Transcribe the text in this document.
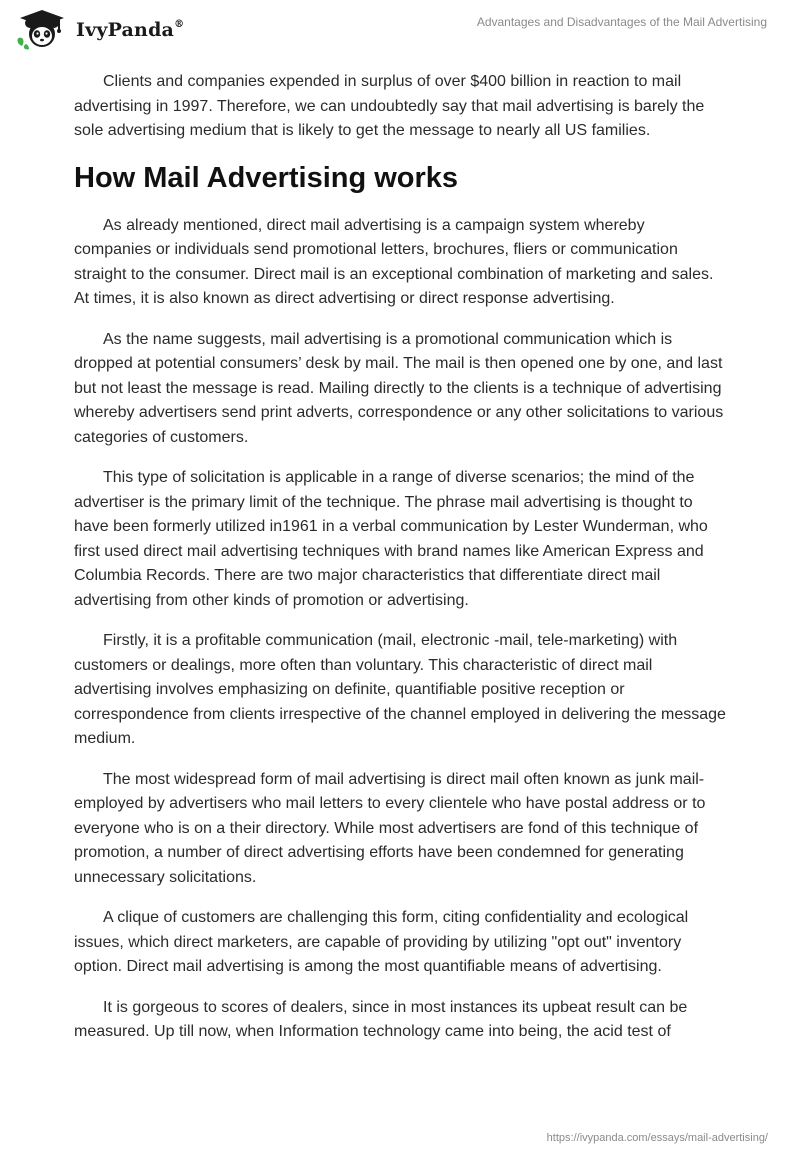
IvyPanda®	Advantages and Disadvantages of the Mail Advertising

Clients and companies expended in surplus of over $400 billion in reaction to mail advertising in 1997. Therefore, we can undoubtedly say that mail advertising is barely the sole advertising medium that is likely to get the message to nearly all US families.

How Mail Advertising works

As already mentioned, direct mail advertising is a campaign system whereby companies or individuals send promotional letters, brochures, fliers or communication straight to the consumer. Direct mail is an exceptional combination of marketing and sales. At times, it is also known as direct advertising or direct response advertising.

As the name suggests, mail advertising is a promotional communication which is dropped at potential consumers’ desk by mail. The mail is then opened one by one, and last but not least the message is read. Mailing directly to the clients is a technique of advertising whereby advertisers send print adverts, correspondence or any other solicitations to various categories of customers.

This type of solicitation is applicable in a range of diverse scenarios; the mind of the advertiser is the primary limit of the technique. The phrase mail advertising is thought to have been formerly utilized in1961 in a verbal communication by Lester Wunderman, who first used direct mail advertising techniques with brand names like American Express and Columbia Records. There are two major characteristics that differentiate direct mail advertising from other kinds of promotion or advertising.

Firstly, it is a profitable communication (mail, electronic -mail, tele-marketing) with customers or dealings, more often than voluntary. This characteristic of direct mail advertising involves emphasizing on definite, quantifiable positive reception or correspondence from clients irrespective of the channel employed in delivering the message medium.

The most widespread form of mail advertising is direct mail often known as junk mail-employed by advertisers who mail letters to every clientele who have postal address or to everyone who is on a their directory. While most advertisers are fond of this technique of promotion, a number of direct advertising efforts have been condemned for generating unnecessary solicitations.

A clique of customers are challenging this form, citing confidentiality and ecological issues, which direct marketers, are capable of providing by utilizing "opt out" inventory option. Direct mail advertising is among the most quantifiable means of advertising.

It is gorgeous to scores of dealers, since in most instances its upbeat result can be measured. Up till now, when Information technology came into being, the acid test of

https://ivypanda.com/essays/mail-advertising/
